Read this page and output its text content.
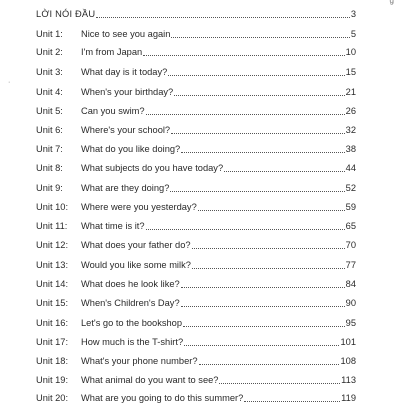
g
·
LỜI NÓI ĐẦU	3
Unit 1:	Nice to see you again	5
Unit 2:	I'm from Japan	10
Unit 3:	What day is it today?	15
Unit 4:	When's your birthday?	21
Unit 5:	Can you swim?	26
Unit 6:	Where's your school?	32
Unit 7:	What do you like doing?	38
Unit 8:	What subjects do you have today?	44
Unit 9:	What are they doing?	52
Unit 10:	Where were you yesterday?	59
Unit 11:	What time is it?	65
Unit 12:	What does your father do?	70
Unit 13:	Would you like some milk?	77
Unit 14:	What does he look like?	84
Unit 15:	When's Children's Day?	90
Unit 16:	Let's go to the bookshop	95
Unit 17:	How much is the T-shirt?	101
Unit 18:	What's your phone number?	108
Unit 19:	What animal do you want to see?	113
Unit 20:	What are you going to do this summer?	119
